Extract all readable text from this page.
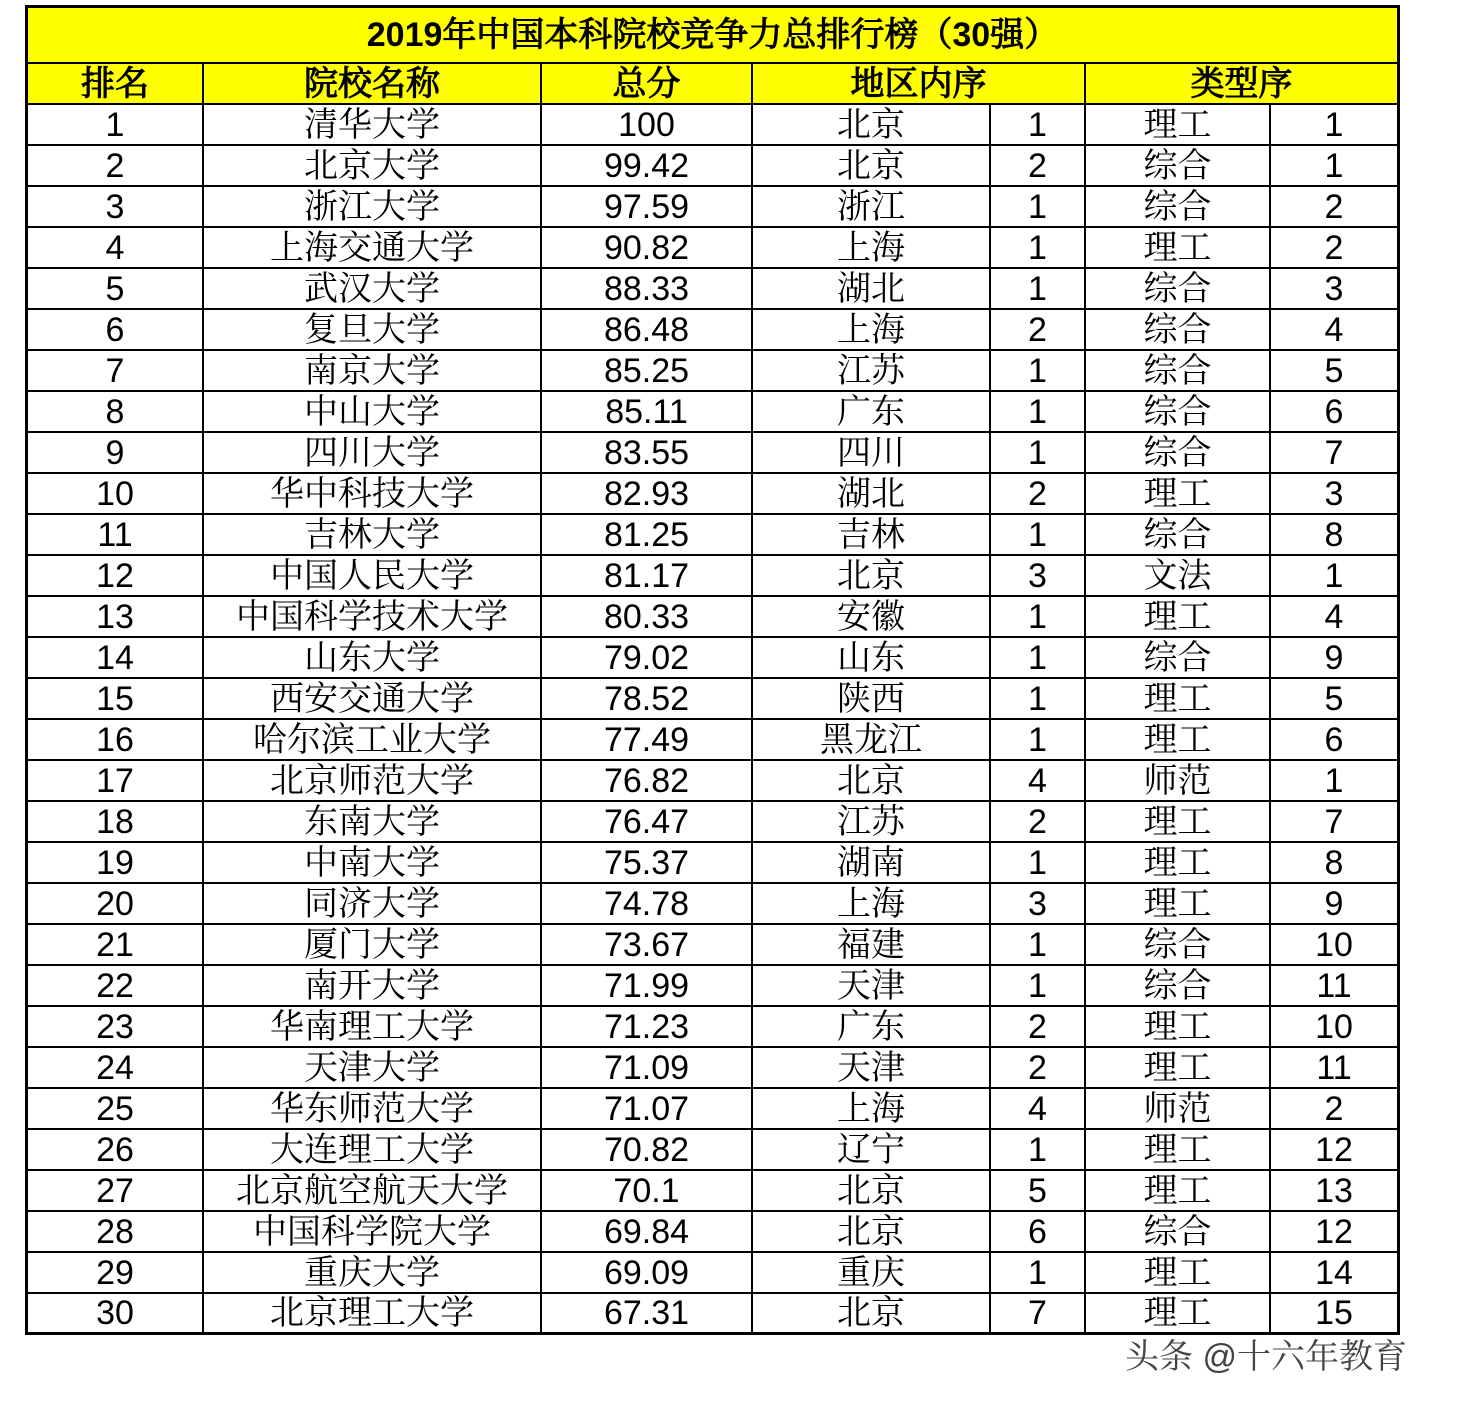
2019年中国本科院校竞争力总排行榜（30强）
排名	院校名称	总分	地区内序	类型序
1	清华大学	100	北京	1	理工	1
2	北京大学	99.42	北京	2	综合	1
3	浙江大学	97.59	浙江	1	综合	2
4	上海交通大学	90.82	上海	1	理工	2
5	武汉大学	88.33	湖北	1	综合	3
6	复旦大学	86.48	上海	2	综合	4
7	南京大学	85.25	江苏	1	综合	5
8	中山大学	85.11	广东	1	综合	6
9	四川大学	83.55	四川	1	综合	7
10	华中科技大学	82.93	湖北	2	理工	3
11	吉林大学	81.25	吉林	1	综合	8
12	中国人民大学	81.17	北京	3	文法	1
13	中国科学技术大学	80.33	安徽	1	理工	4
14	山东大学	79.02	山东	1	综合	9
15	西安交通大学	78.52	陕西	1	理工	5
16	哈尔滨工业大学	77.49	黑龙江	1	理工	6
17	北京师范大学	76.82	北京	4	师范	1
18	东南大学	76.47	江苏	2	理工	7
19	中南大学	75.37	湖南	1	理工	8
20	同济大学	74.78	上海	3	理工	9
21	厦门大学	73.67	福建	1	综合	10
22	南开大学	71.99	天津	1	综合	11
23	华南理工大学	71.23	广东	2	理工	10
24	天津大学	71.09	天津	2	理工	11
25	华东师范大学	71.07	上海	4	师范	2
26	大连理工大学	70.82	辽宁	1	理工	12
27	北京航空航天大学	70.1	北京	5	理工	13
28	中国科学院大学	69.84	北京	6	综合	12
29	重庆大学	69.09	重庆	1	理工	14
30	北京理工大学	67.31	北京	7	理工	15
头条 @十六年教育
